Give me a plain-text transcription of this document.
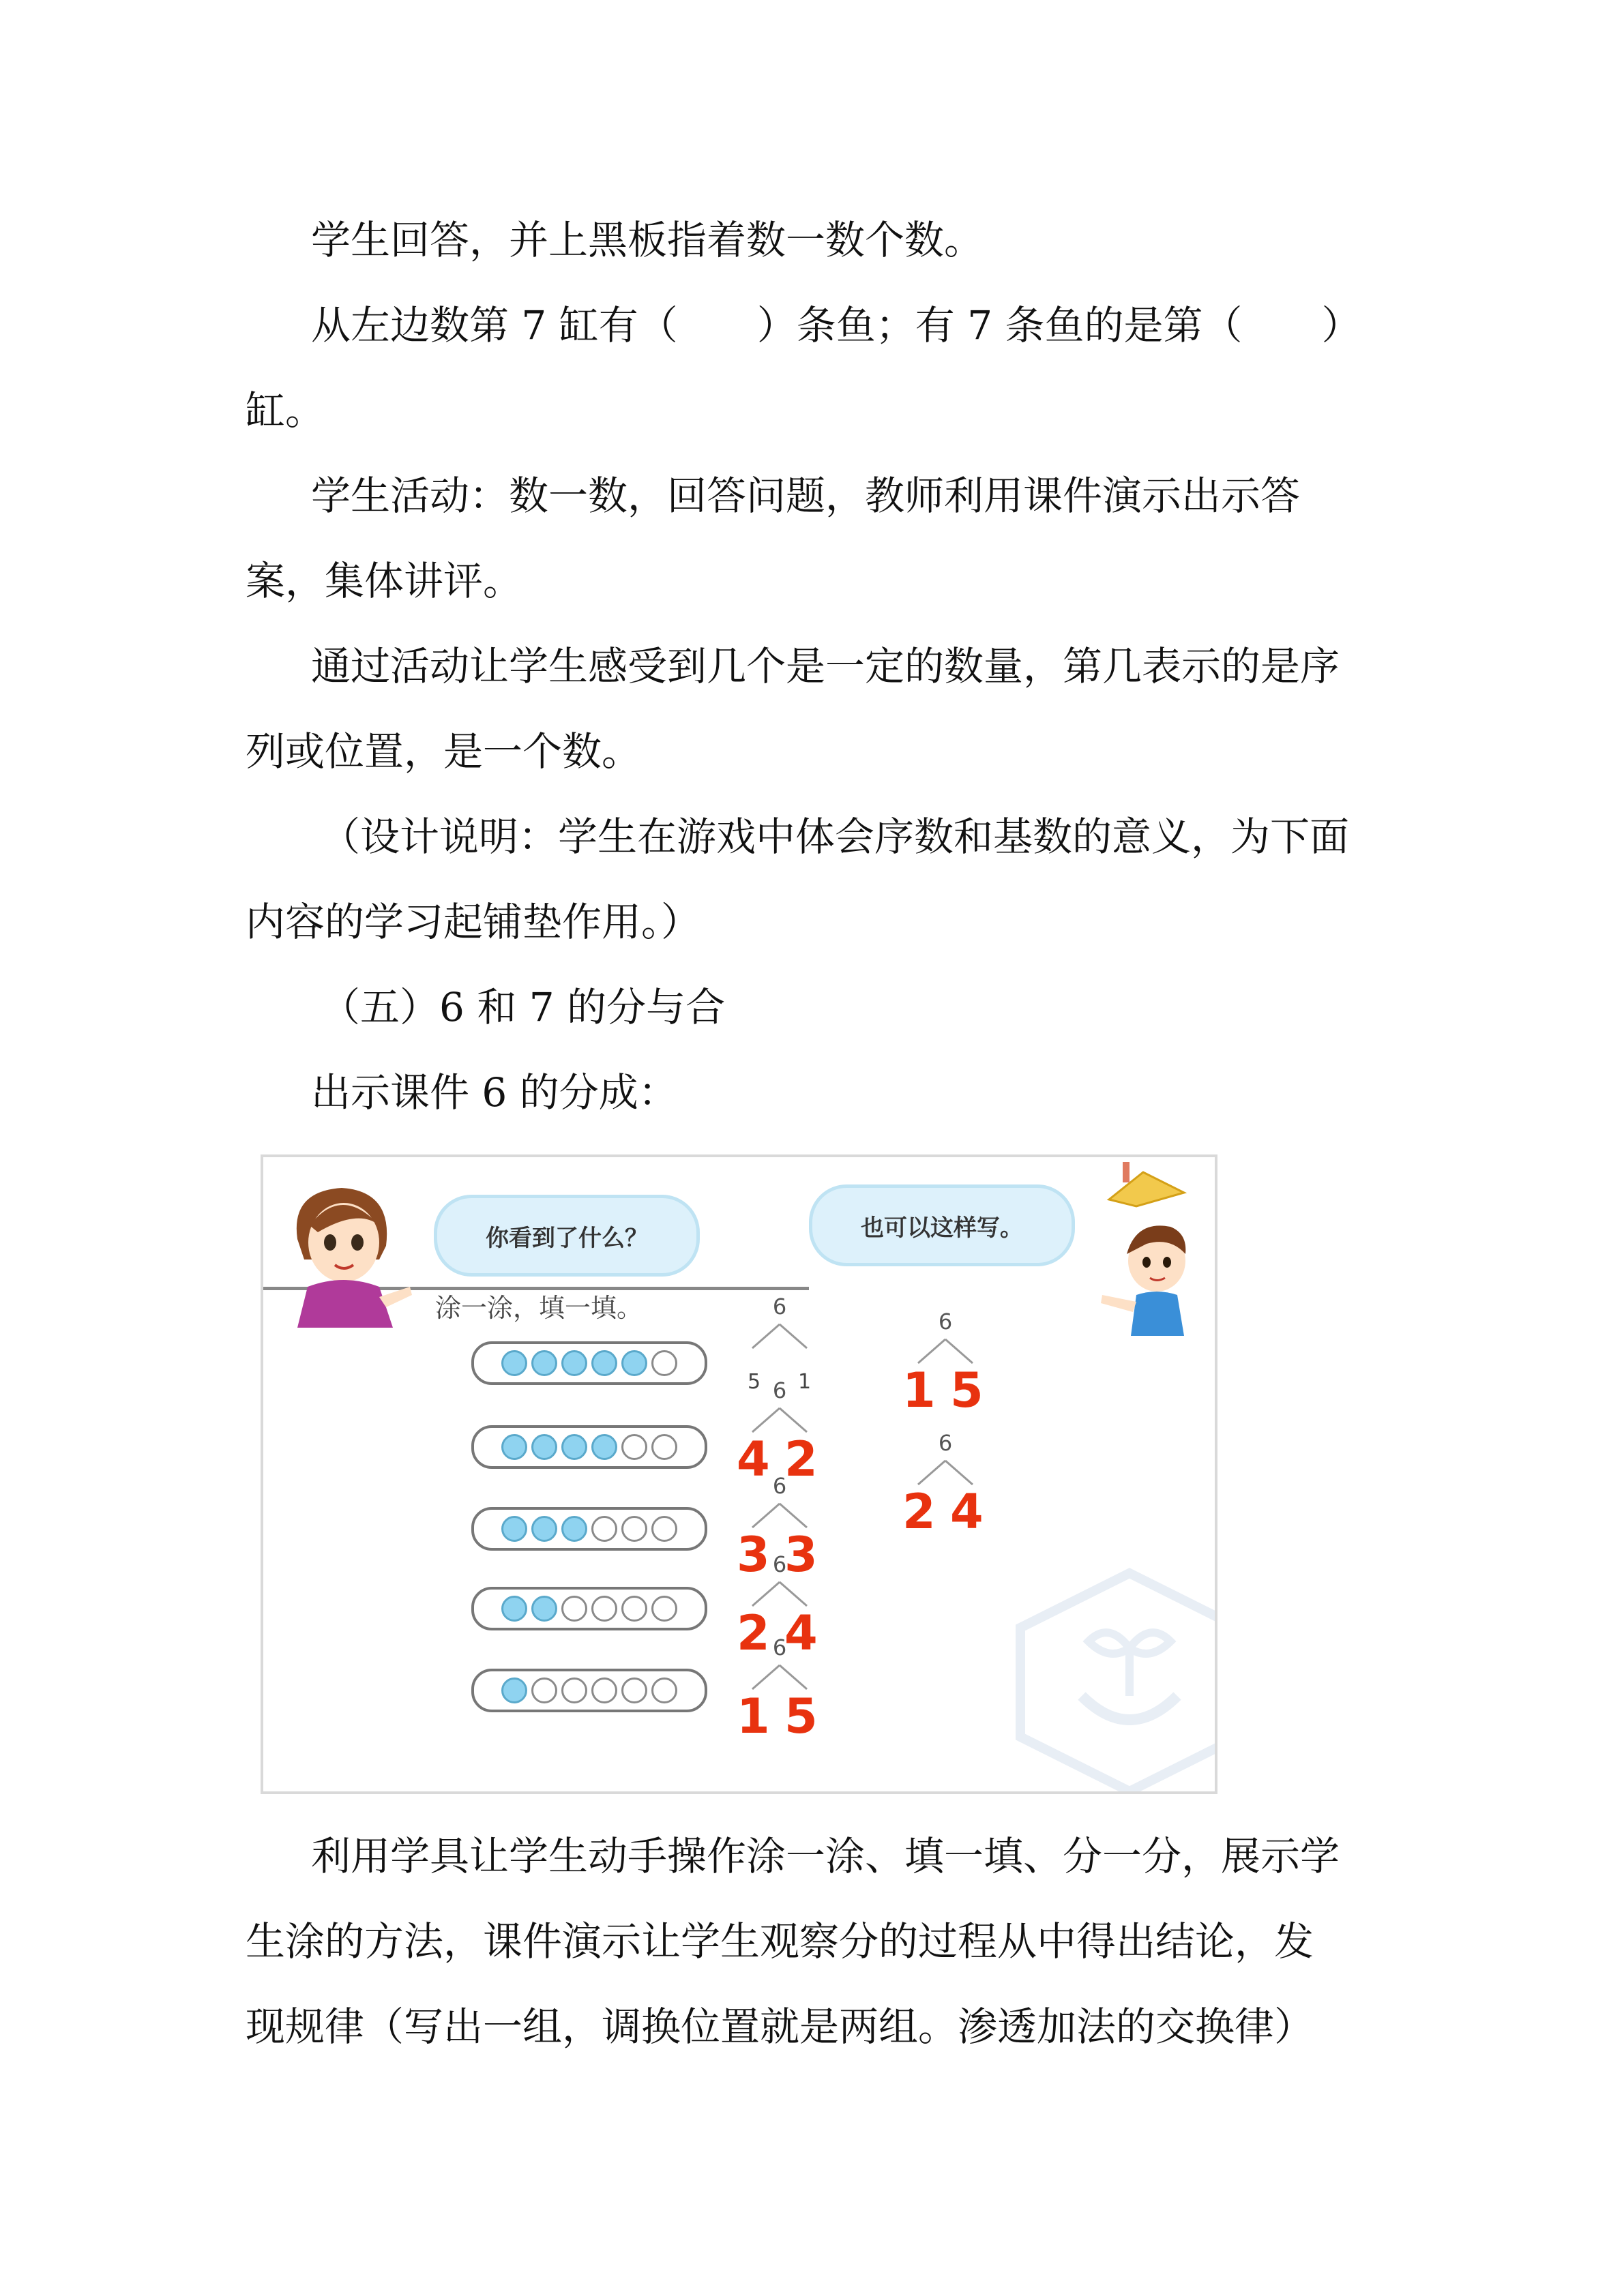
学生回答，并上黑板指着数一数个数。
从左边数第 7 缸有（　　）条鱼；有 7 条鱼的是第（　　）
缸。
学生活动：数一数，回答问题，教师利用课件演示出示答
案，集体讲评。
通过活动让学生感受到几个是一定的数量，第几表示的是序
列或位置，是一个数。
（设计说明：学生在游戏中体会序数和基数的意义，为下面
内容的学习起铺垫作用。）
（五）6 和 7 的分与合
出示课件 6 的分成：
你看到了什么？	也可以这样写。
涂一涂，填一填。	6
5 1
6
4 2
6
3 3
6
2 4
6
1 5
6
1 5
6
2 4
利用学具让学生动手操作涂一涂、填一填、分一分，展示学
生涂的方法，课件演示让学生观察分的过程从中得出结论，发
现规律（写出一组，调换位置就是两组。渗透加法的交换律）
